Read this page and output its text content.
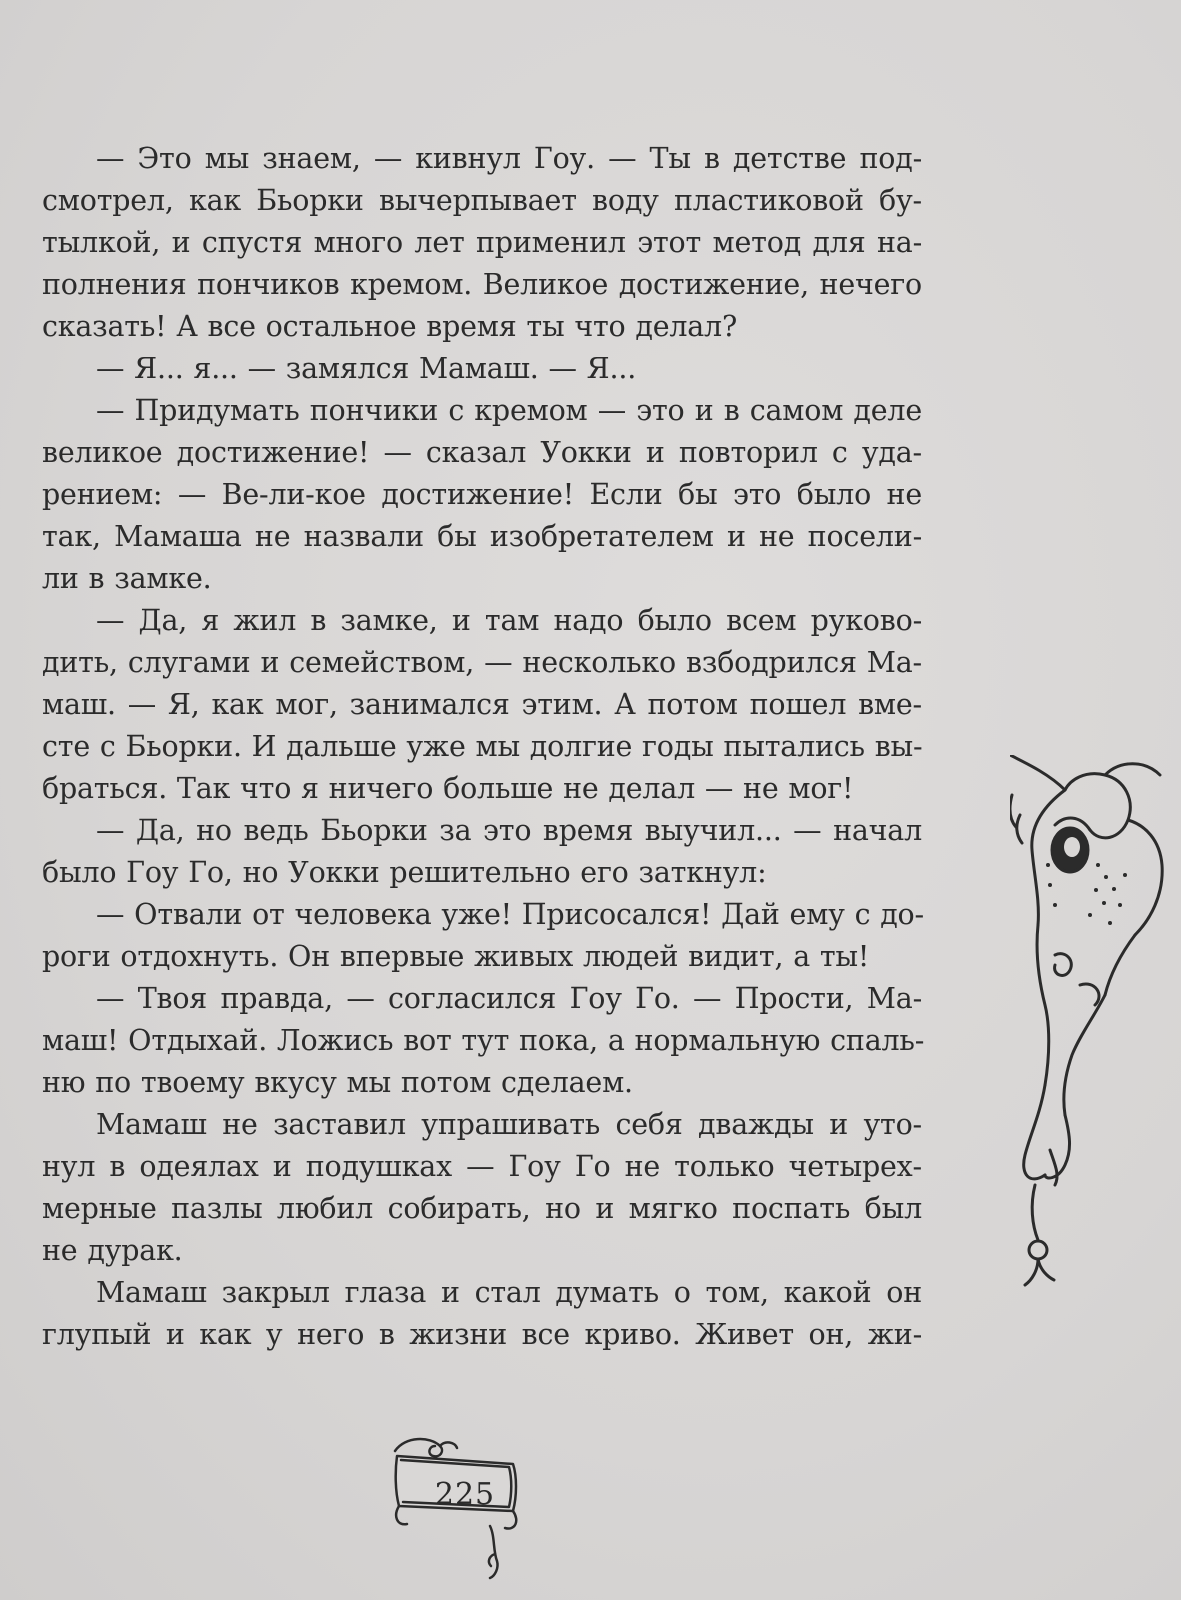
— Это мы знаем, — кивнул Гоу. — Ты в детстве под-
смотрел, как Бьорки вычерпывает воду пластиковой бу-
тылкой, и спустя много лет применил этот метод для на-
полнения пончиков кремом. Великое достижение, нечего
сказать! А все остальное время ты что делал?
— Я... я... — замялся Мамаш. — Я...
— Придумать пончики с кремом — это и в самом деле
великое достижение! — сказал Уокки и повторил с уда-
рением: — Ве-ли-кое достижение! Если бы это было не
так, Мамаша не назвали бы изобретателем и не посели-
ли в замке.
— Да, я жил в замке, и там надо было всем руково-
дить, слугами и семейством, — несколько взбодрился Ма-
маш. — Я, как мог, занимался этим. А потом пошел вме-
сте с Бьорки. И дальше уже мы долгие годы пытались вы-
браться. Так что я ничего больше не делал — не мог!
— Да, но ведь Бьорки за это время выучил... — начал
было Гоу Го, но Уокки решительно его заткнул:
— Отвали от человека уже! Присосался! Дай ему с до-
роги отдохнуть. Он впервые живых людей видит, а ты!
— Твоя правда, — согласился Гоу Го. — Прости, Ма-
маш! Отдыхай. Ложись вот тут пока, а нормальную спаль-
ню по твоему вкусу мы потом сделаем.
Мамаш не заставил упрашивать себя дважды и уто-
нул в одеялах и подушках — Гоу Го не только четырех-
мерные пазлы любил собирать, но и мягко поспать был
не дурак.
Мамаш закрыл глаза и стал думать о том, какой он
глупый и как у него в жизни все криво. Живет он, жи-
225
